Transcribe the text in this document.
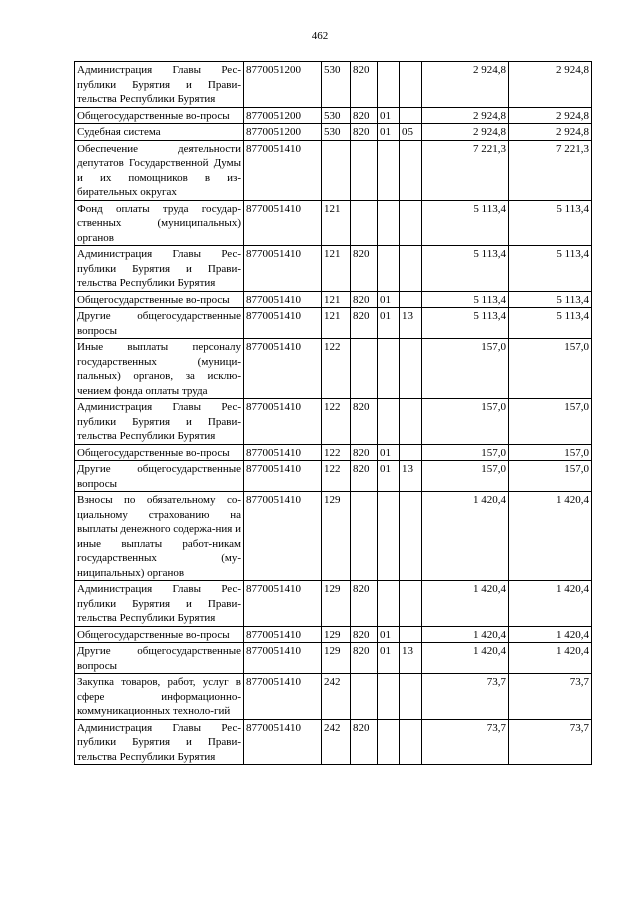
462
Администрация Главы Рес-публики Бурятия и Прави-тельства Республики Бурятия	8770051200	530	820			2 924,8	2 924,8
Общегосударственные во-просы	8770051200	530	820	01		2 924,8	2 924,8
Судебная система	8770051200	530	820	01	05	2 924,8	2 924,8
Обеспечение деятельности депутатов Государственной Думы и их помощников в из-бирательных округах	8770051410					7 221,3	7 221,3
Фонд оплаты труда государ-ственных (муниципальных) органов	8770051410	121				5 113,4	5 113,4
Администрация Главы Рес-публики Бурятия и Прави-тельства Республики Бурятия	8770051410	121	820			5 113,4	5 113,4
Общегосударственные во-просы	8770051410	121	820	01		5 113,4	5 113,4
Другие общегосударственные вопросы	8770051410	121	820	01	13	5 113,4	5 113,4
Иные выплаты персоналу государственных (муници-пальных) органов, за исклю-чением фонда оплаты труда	8770051410	122				157,0	157,0
Администрация Главы Рес-публики Бурятия и Прави-тельства Республики Бурятия	8770051410	122	820			157,0	157,0
Общегосударственные во-просы	8770051410	122	820	01		157,0	157,0
Другие общегосударственные вопросы	8770051410	122	820	01	13	157,0	157,0
Взносы по обязательному со-циальному страхованию на выплаты денежного содержа-ния и иные выплаты работ-никам государственных (му-ниципальных) органов	8770051410	129				1 420,4	1 420,4
Администрация Главы Рес-публики Бурятия и Прави-тельства Республики Бурятия	8770051410	129	820			1 420,4	1 420,4
Общегосударственные во-просы	8770051410	129	820	01		1 420,4	1 420,4
Другие общегосударственные вопросы	8770051410	129	820	01	13	1 420,4	1 420,4
Закупка товаров, работ, услуг в сфере информационно-коммуникационных техноло-гий	8770051410	242				73,7	73,7
Администрация Главы Рес-публики Бурятия и Прави-тельства Республики Бурятия	8770051410	242	820			73,7	73,7
